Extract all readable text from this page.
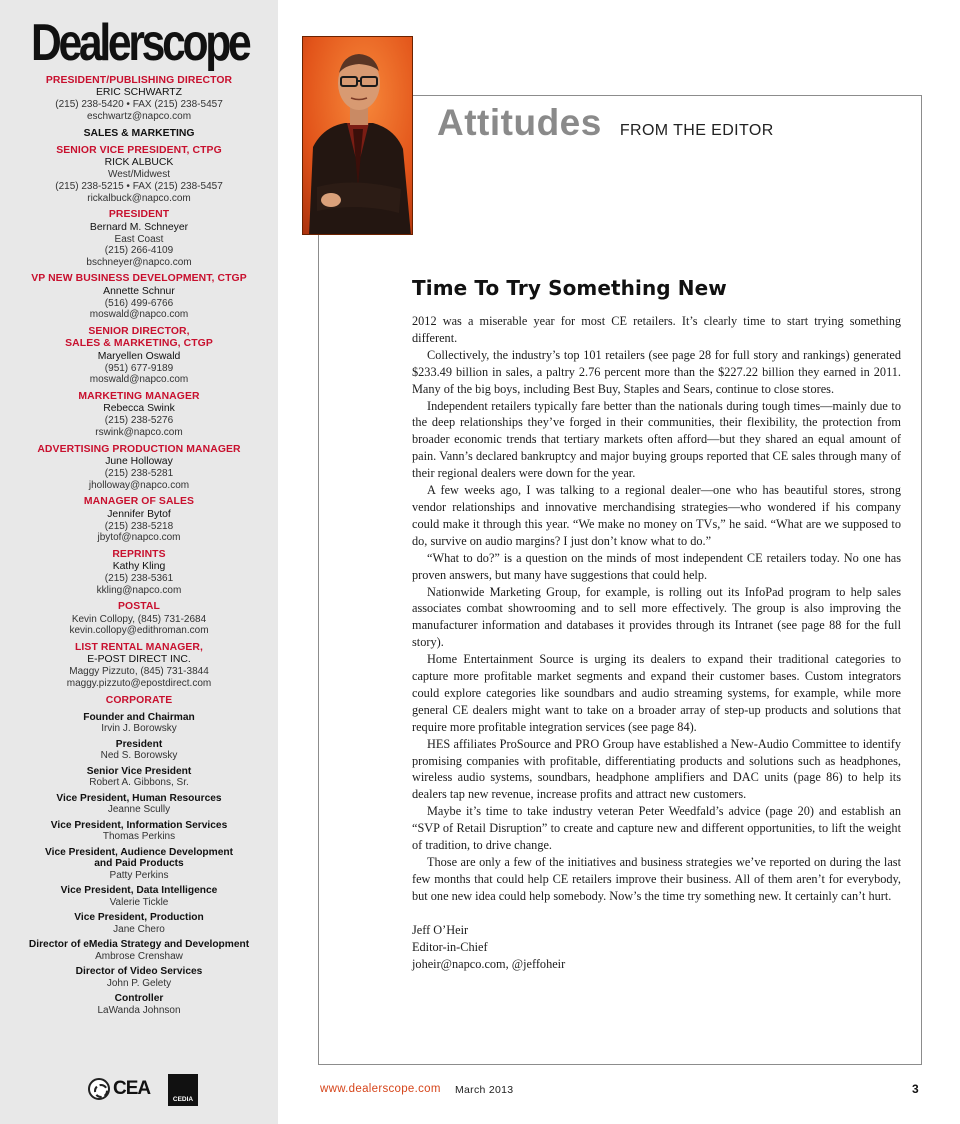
Dealerscope
PRESIDENT/PUBLISHING DIRECTOR
ERIC SCHWARTZ
(215) 238-5420 • FAX (215) 238-5457
eschwartz@napco.com
SALES & MARKETING
SENIOR VICE PRESIDENT, CTPG
RICK ALBUCK
West/Midwest
(215) 238-5215 • FAX (215) 238-5457
rickalbuck@napco.com
PRESIDENT
Bernard M. Schneyer
East Coast
(215) 266-4109
bschneyer@napco.com
VP NEW BUSINESS DEVELOPMENT, CTGP
Annette Schnur
(516) 499-6766
moswald@napco.com
SENIOR DIRECTOR,
SALES & MARKETING, CTGP
Maryellen Oswald
(951) 677-9189
moswald@napco.com
MARKETING MANAGER
Rebecca Swink
(215) 238-5276
rswink@napco.com
ADVERTISING PRODUCTION MANAGER
June Holloway
(215) 238-5281
jholloway@napco.com
MANAGER OF SALES
Jennifer Bytof
(215) 238-5218
jbytof@napco.com
REPRINTS
Kathy Kling
(215) 238-5361
kkling@napco.com
POSTAL
Kevin Collopy, (845) 731-2684
kevin.collopy@edithroman.com
LIST RENTAL MANAGER,
E-POST DIRECT INC.
Maggy Pizzuto, (845) 731-3844
maggy.pizzuto@epostdirect.com
CORPORATE
Founder and Chairman
Irvin J. Borowsky
President
Ned S. Borowsky
Senior Vice President
Robert A. Gibbons, Sr.
Vice President, Human Resources
Jeanne Scully
Vice President, Information Services
Thomas Perkins
Vice President, Audience Development
and Paid Products
Patty Perkins
Vice President, Data Intelligence
Valerie Tickle
Vice President, Production
Jane Chero
Director of eMedia Strategy and Development
Ambrose Crenshaw
Director of Video Services
John P. Gelety
Controller
LaWanda Johnson
CEA
CEDIA
Attitudes FROM THE EDITOR
Time To Try Something New

2012 was a miserable year for most CE retailers. It’s clearly time to start trying something different.

Collectively, the industry’s top 101 retailers (see page 28 for full story and rankings) generated $233.49 billion in sales, a paltry 2.76 percent more than the $227.22 billion they earned in 2011. Many of the big boys, including Best Buy, Staples and Sears, continue to close stores.

Independent retailers typically fare better than the nationals during tough times—mainly due to the deep relationships they’ve forged in their communities, their flexibility, the protection from broader economic trends that tertiary markets often afford—but they shared an equal amount of pain. Vann’s declared bankruptcy and major buying groups reported that CE sales through many of their regional dealers were down for the year.

A few weeks ago, I was talking to a regional dealer—one who has beautiful stores, strong vendor relationships and innovative merchandising strategies—who wondered if his company could make it through this year. “We make no money on TVs,” he said. “What are we supposed to do, survive on audio margins? I just don’t know what to do.”

“What to do?” is a question on the minds of most independent CE retailers today. No one has proven answers, but many have suggestions that could help.

Nationwide Marketing Group, for example, is rolling out its InfoPad program to help sales associates combat showrooming and to sell more effectively. The group is also improving the manufacturer information and databases it provides through its Intranet (see page 88 for the full story).

Home Entertainment Source is urging its dealers to expand their traditional categories to capture more profitable market segments and expand their customer bases. Custom integrators could explore categories like soundbars and audio streaming systems, for example, while more general CE dealers might want to take on a broader array of step-up products and solutions that require more profitable integration services (see page 84).

HES affiliates ProSource and PRO Group have established a New-Audio Committee to identify promising companies with profitable, differentiating products and solutions such as headphones, wireless audio systems, soundbars, headphone amplifiers and DAC units (page 86) to help its dealers tap new revenue, increase profits and attract new customers.

Maybe it’s time to take industry veteran Peter Weedfald’s advice (page 20) and establish an “SVP of Retail Disruption” to create and capture new and different opportunities, to lift the weight of tradition, to drive change.

Those are only a few of the initiatives and business strategies we’ve reported on during the last few months that could help CE retailers improve their business. All of them aren’t for everybody, but one new idea could help somebody. Now’s the time try something new. It certainly can’t hurt.

Jeff O’Heir
Editor-in-Chief
joheir@napco.com, @jeffoheir
www.dealerscope.com March 2013	3
